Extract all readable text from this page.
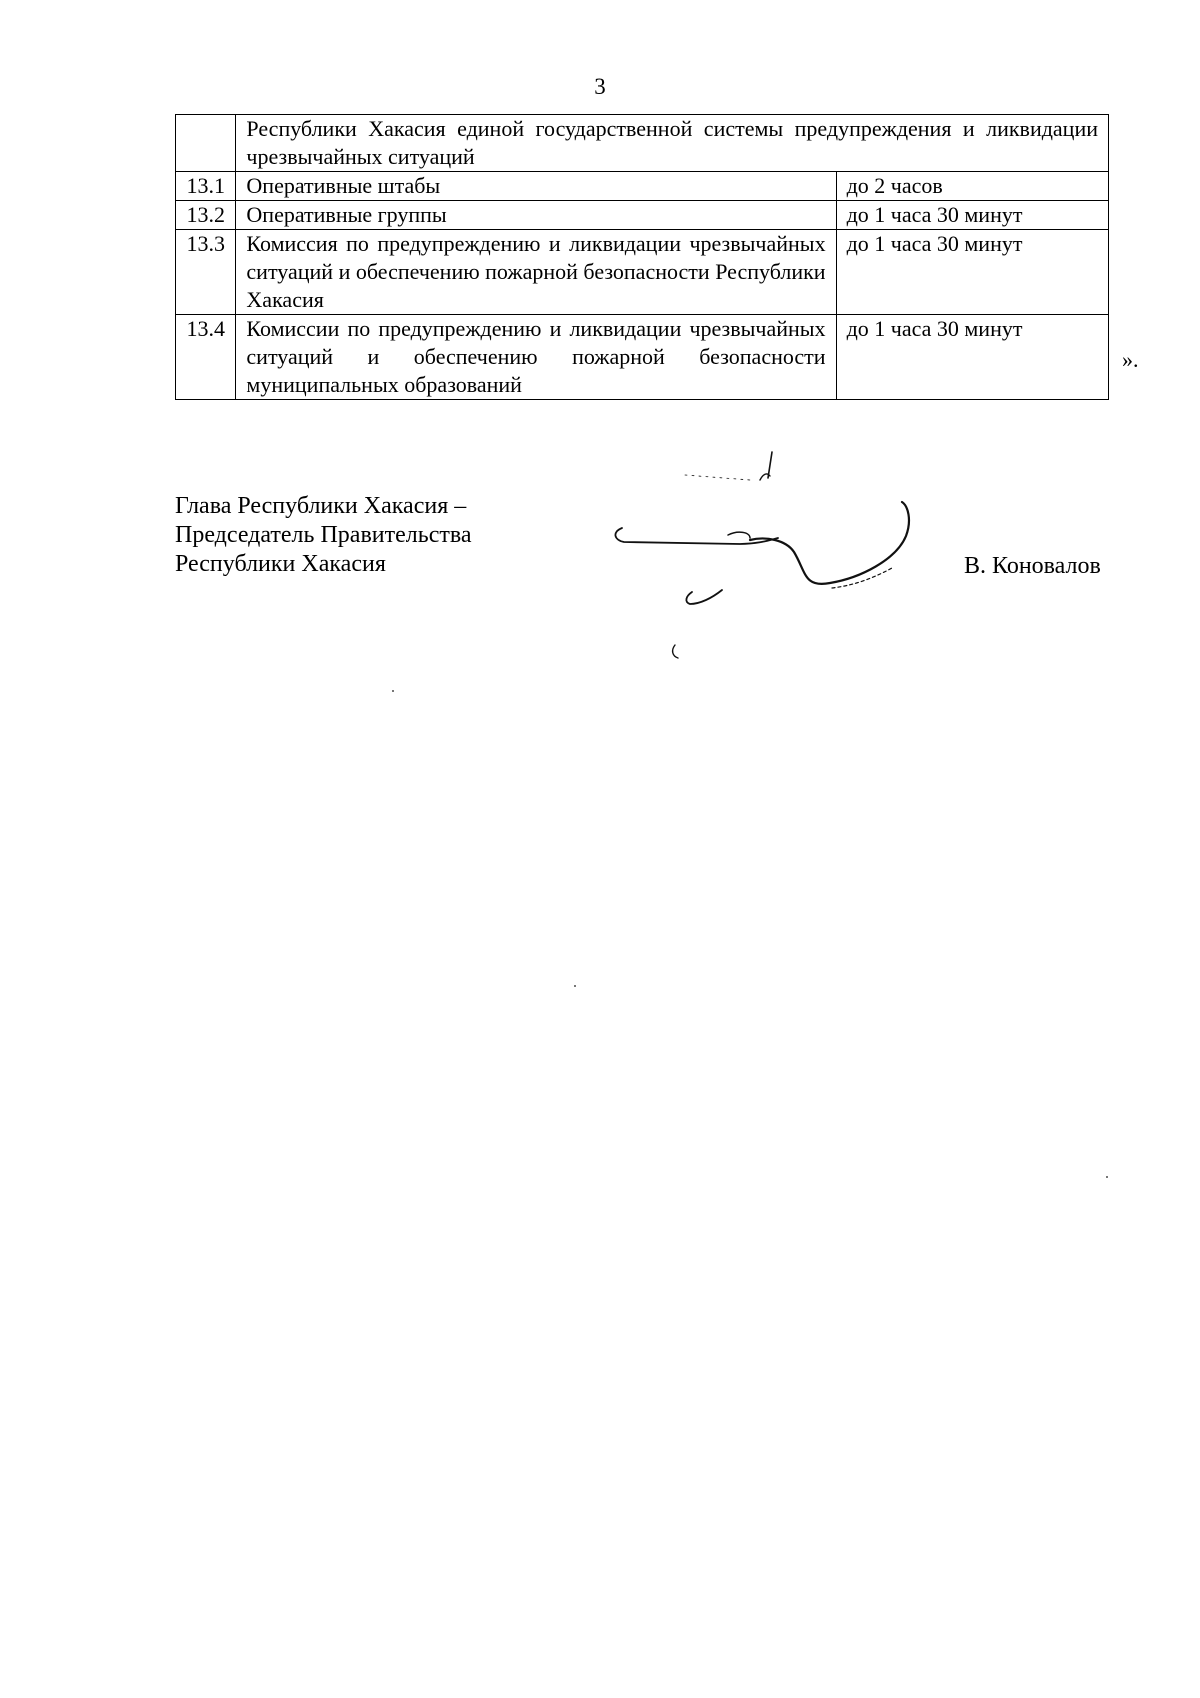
3
	Республики Хакасия единой государственной системы предупреждения и ликвидации чрезвычайных ситуаций	
13.1	Оперативные штабы	до 2 часов
13.2	Оперативные группы	до 1 часа 30 минут
13.3	Комиссия по предупреждению и ликвидации чрезвычайных ситуаций и обеспечению пожарной безопасности Республики Хакасия	до 1 часа 30 минут
13.4	Комиссии по предупреждению и ликвидации чрезвычайных ситуаций и обеспечению пожарной безопасности муниципальных образований	до 1 часа 30 минут
».
Глава Республики Хакасия –
Председатель Правительства
Республики Хакасия	В. Коновалов
